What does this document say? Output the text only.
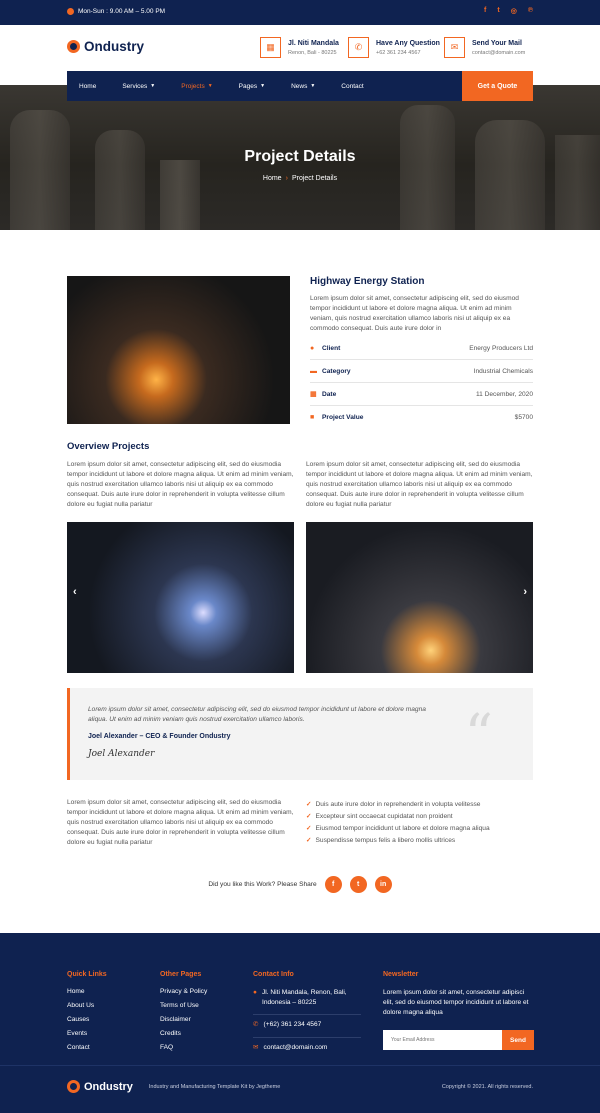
Mon-Sun : 9.00 AM – 5.00 PM	f t ◎ ℗
Ondustry	▦	Jl. Niti Mandala
Renon, Bali - 80225
✆	Have Any Question
+62 361 234 4567
✉	Send Your Mail
contact@domain.com
Home	Services ▼	Projects ▼	Pages ▼	News ▼	Contact	Get a Quote
Project Details
Home › Project Details
Highway Energy Station
Lorem ipsum dolor sit amet, consectetur adipiscing elit, sed do eiusmod tempor incididunt ut labore et dolore magna aliqua. Ut enim ad minim veniam, quis nostrud exercitation ullamco laboris nisi ut aliquip ex ea commodo consequat. Duis aute irure dolor in
● Client	Energy Producers Ltd
▬ Category	Industrial Chemicals
▦ Date	11 December, 2020
■ Project Value	$5700
Overview Projects
Lorem ipsum dolor sit amet, consectetur adipiscing elit, sed do eiusmodia tempor incididunt ut labore et dolore magna aliqua. Ut enim ad minim veniam, quis nostrud exercitation ullamco laboris nisi ut aliquip ex ea commodo consequat. Duis aute irure dolor in reprehenderit in volupta velitesse cillum dolore eu fugiat nulla pariatur
Lorem ipsum dolor sit amet, consectetur adipiscing elit, sed do eiusmodia tempor incididunt ut labore et dolore magna aliqua. Ut enim ad minim veniam, quis nostrud exercitation ullamco laboris nisi ut aliquip ex ea commodo consequat. Duis aute irure dolor in reprehenderit in volupta velitesse cillum dolore eu fugiat nulla pariatur
‹	›
Lorem ipsum dolor sit amet, consectetur adipiscing elit, sed do eiusmod tempor incididunt ut labore et dolore magna aliqua. Ut enim ad minim veniam quis nostrud exercitation ullamco laboris.
Joel Alexander – CEO & Founder Ondustry
Joel Alexander	“
Lorem ipsum dolor sit amet, consectetur adipiscing elit, sed do eiusmodia tempor incididunt ut labore et dolore magna aliqua. Ut enim ad minim veniam, quis nostrud exercitation ullamco laboris nisi ut aliquip ex ea commodo consequat. Duis aute irure dolor in reprehenderit in volupta velitesse cillum dolore eu fugiat nulla pariatur
✓ Duis aute irure dolor in reprehenderit in volupta velitesse
✓ Excepteur sint occaecat cupidatat non proident
✓ Eiusmod tempor incididunt ut labore et dolore magna aliqua
✓ Suspendisse tempus felis a libero mollis ultrices
Did you like this Work? Please Share	f	t	in
Quick Links
Home
About Us
Causes
Events
Contact
Other Pages
Privacy & Policy
Terms of Use
Disclaimer
Credits
FAQ
Contact Info
● Jl. Niti Mandala, Renon, Bali, Indonesia – 80225
✆ (+62) 361 234 4567
✉ contact@domain.com
Newsletter
Lorem ipsum dolor sit amet, consectetur adipisci elit, sed do eiusmod tempor incididunt ut labore et dolore magna aliqua
Your Email Address
Send
Ondustry	Industry and Manufacturing Template Kit by Jegtheme	Copyright © 2021. All rights reserved.
